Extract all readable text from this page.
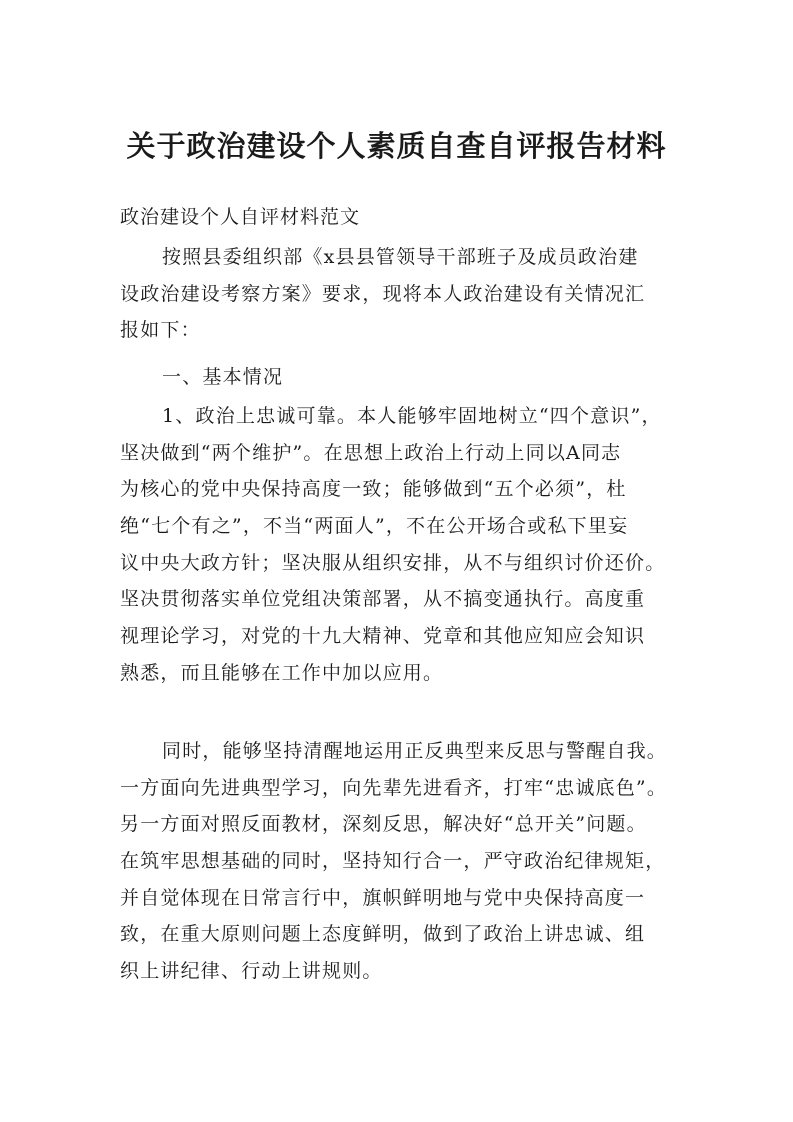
关于政治建设个人素质自查自评报告材料
政治建设个人自评材料范文
按照县委组织部《x县县管领导干部班子及成员政治建
设政治建设考察方案》要求，现将本人政治建设有关情况汇
报如下：
一、基本情况
1、政治上忠诚可靠。本人能够牢固地树立“四个意识”，
坚决做到“两个维护”。在思想上政治上行动上同以A同志
为核心的党中央保持高度一致；能够做到“五个必须”，杜
绝“七个有之”，不当“两面人”，不在公开场合或私下里妄
议中央大政方针；坚决服从组织安排，从不与组织讨价还价。
坚决贯彻落实单位党组决策部署，从不搞变通执行。高度重
视理论学习，对党的十九大精神、党章和其他应知应会知识
熟悉，而且能够在工作中加以应用。
同时，能够坚持清醒地运用正反典型来反思与警醒自我。
一方面向先进典型学习，向先辈先进看齐，打牢“忠诚底色”。
另一方面对照反面教材，深刻反思，解决好“总开关”问题。
在筑牢思想基础的同时，坚持知行合一，严守政治纪律规矩，
并自觉体现在日常言行中，旗帜鲜明地与党中央保持高度一
致，在重大原则问题上态度鲜明，做到了政治上讲忠诚、组
织上讲纪律、行动上讲规则。
